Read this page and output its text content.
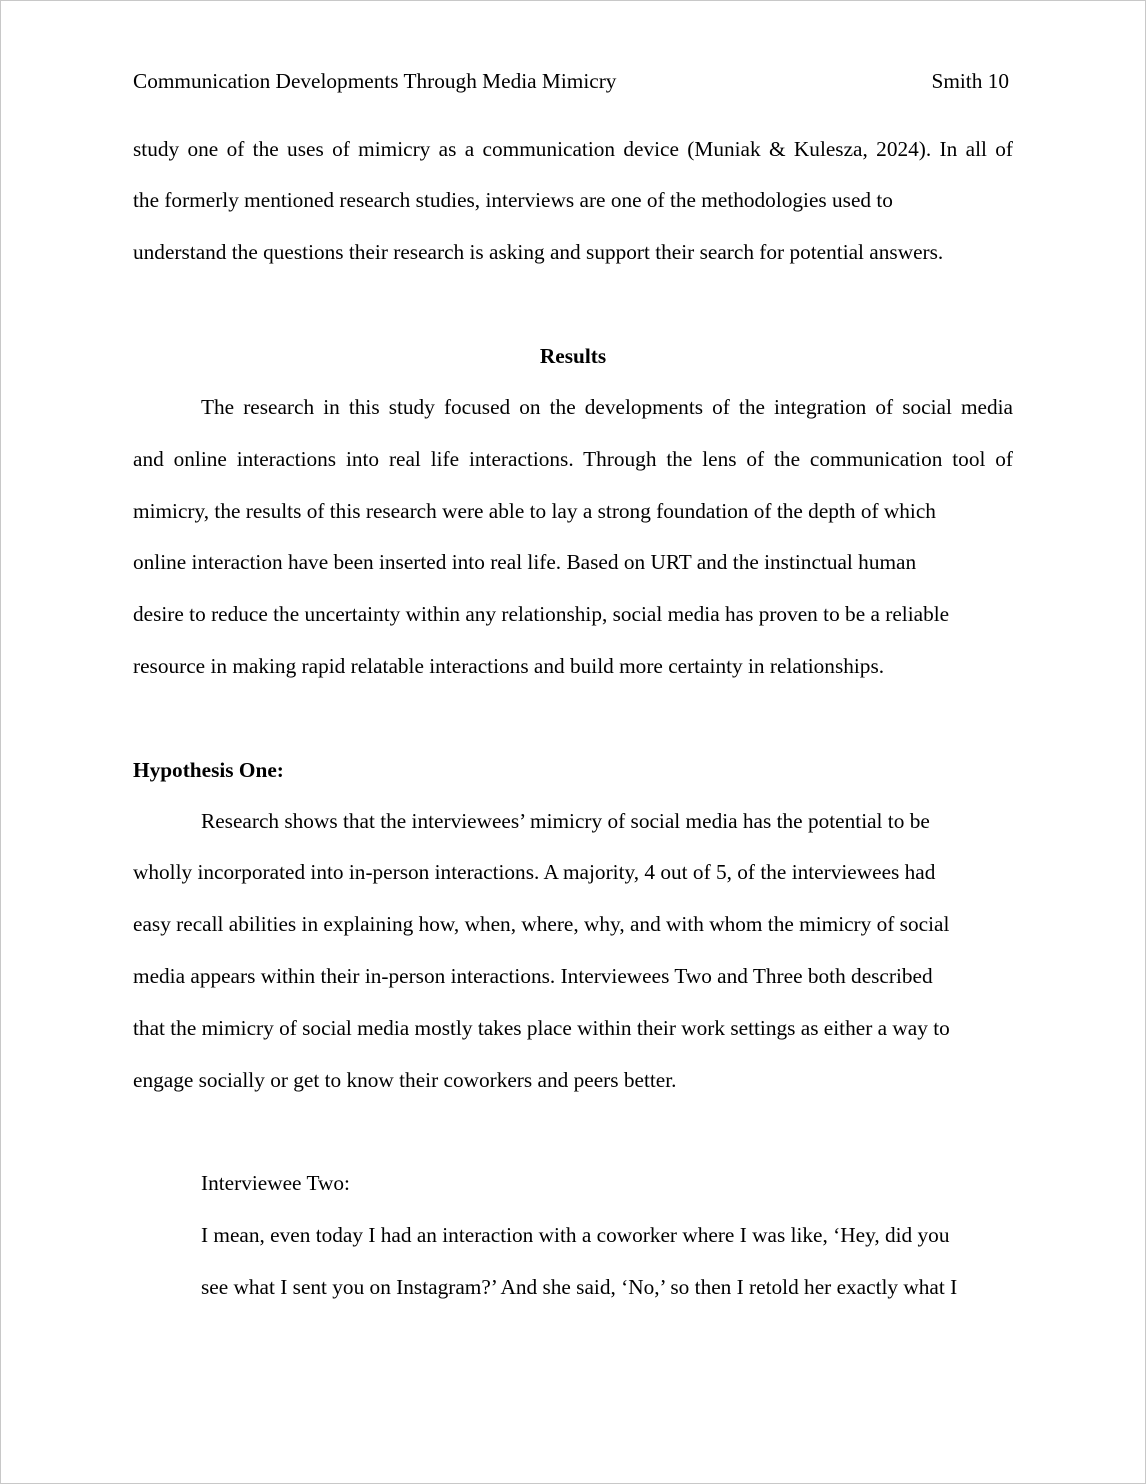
Communication Developments Through Media Mimicry	Smith 10

study one of the uses of mimicry as a communication device (Muniak & Kulesza, 2024). In all of

the formerly mentioned research studies, interviews are one of the methodologies used to

understand the questions their research is asking and support their search for potential answers.

Results

The research in this study focused on the developments of the integration of social media

and online interactions into real life interactions. Through the lens of the communication tool of

mimicry, the results of this research were able to lay a strong foundation of the depth of which

online interaction have been inserted into real life. Based on URT and the instinctual human

desire to reduce the uncertainty within any relationship, social media has proven to be a reliable

resource in making rapid relatable interactions and build more certainty in relationships.

Hypothesis One:

Research shows that the interviewees’ mimicry of social media has the potential to be

wholly incorporated into in-person interactions. A majority, 4 out of 5, of the interviewees had

easy recall abilities in explaining how, when, where, why, and with whom the mimicry of social

media appears within their in-person interactions. Interviewees Two and Three both described

that the mimicry of social media mostly takes place within their work settings as either a way to

engage socially or get to know their coworkers and peers better.

Interviewee Two:

I mean, even today I had an interaction with a coworker where I was like, ‘Hey, did you

see what I sent you on Instagram?’ And she said, ‘No,’ so then I retold her exactly what I
